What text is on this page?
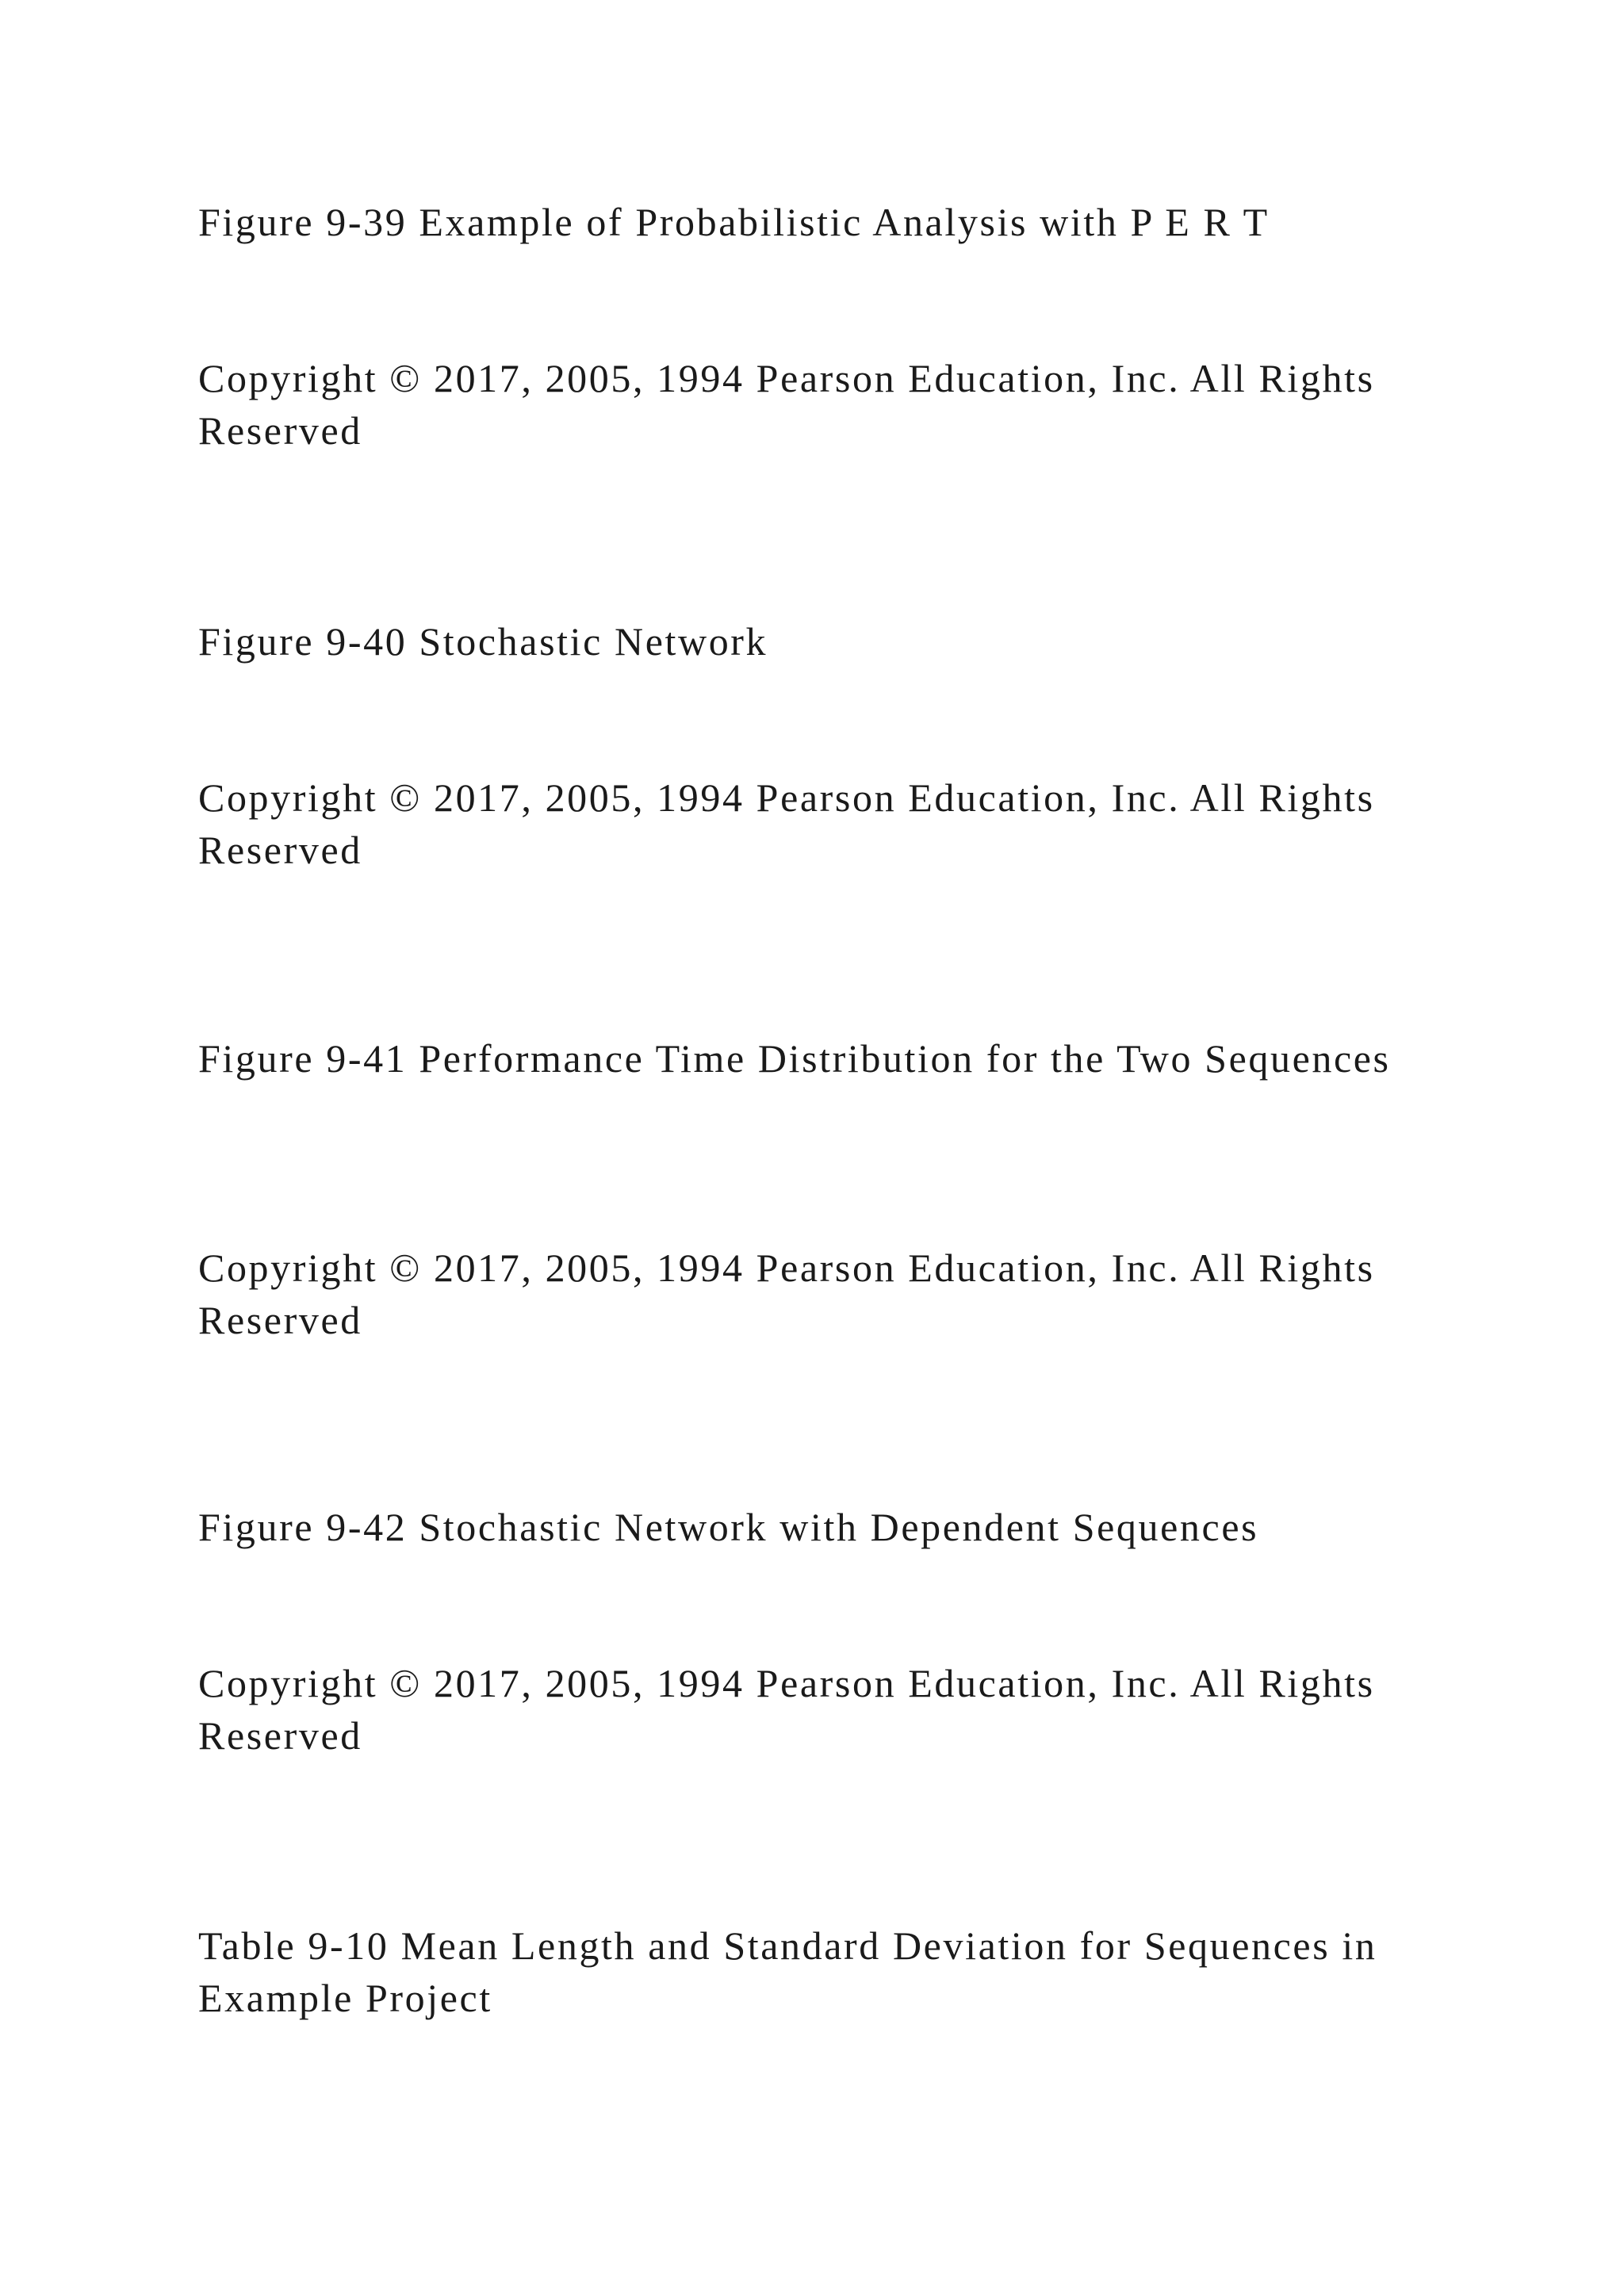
Figure 9-39 Example of Probabilistic Analysis with P E R T

Copyright © 2017, 2005, 1994 Pearson Education, Inc. All Rights Reserved

Figure 9-40 Stochastic Network

Copyright © 2017, 2005, 1994 Pearson Education, Inc. All Rights Reserved

Figure 9-41 Performance Time Distribution for the Two Sequences

Copyright © 2017, 2005, 1994 Pearson Education, Inc. All Rights Reserved

Figure 9-42 Stochastic Network with Dependent Sequences

Copyright © 2017, 2005, 1994 Pearson Education, Inc. All Rights Reserved

Table 9-10 Mean Length and Standard Deviation for Sequences in Example Project
